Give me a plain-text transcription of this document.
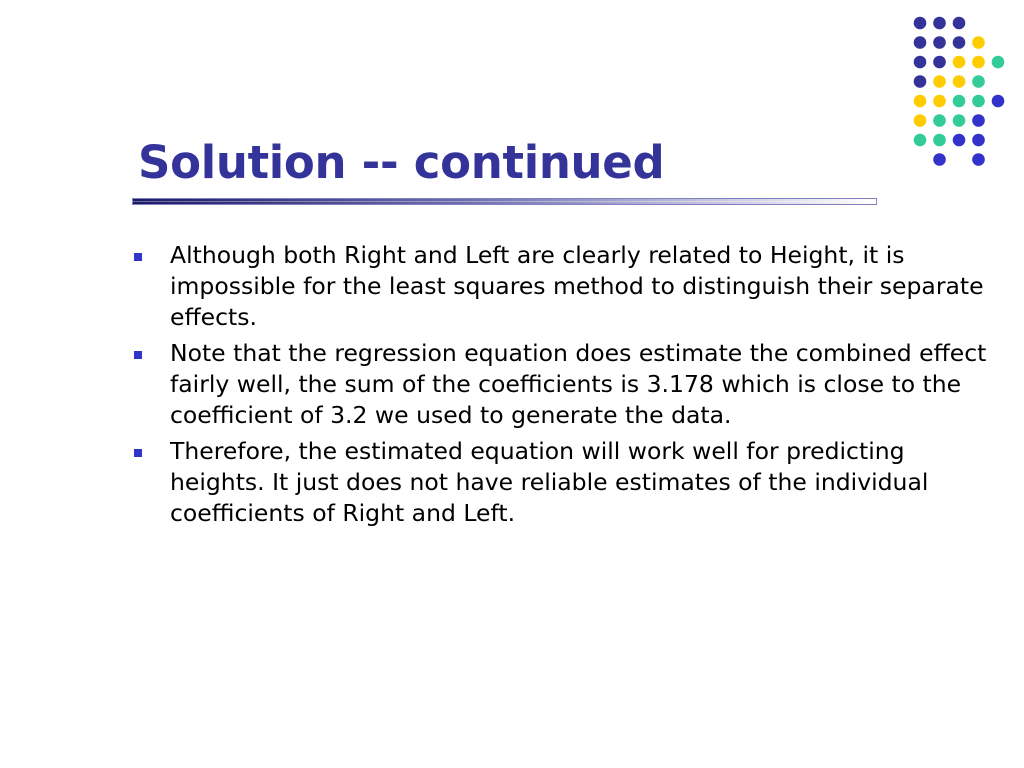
Solution -- continued
Although both Right and Left are clearly related to Height, it is impossible for the least squares method to distinguish their separate effects.
Note that the regression equation does estimate the combined effect fairly well, the sum of the coefficients is 3.178 which is close to the coefficient of 3.2 we used to generate the data.
Therefore, the estimated equation will work well for predicting heights. It just does not have reliable estimates of the individual coefficients of Right and Left.
